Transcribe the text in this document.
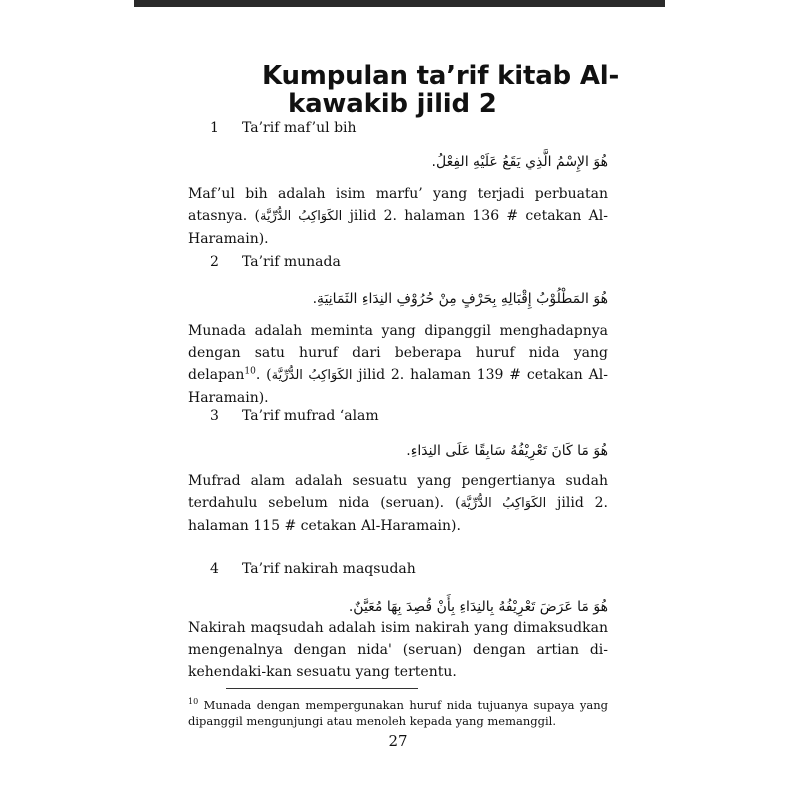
Kumpulan ta’rif kitab Al-
kawakib jilid 2
1	Ta’rif maf’ul bih
هُوَ الإِسْمُ الَّذِي يَقَعُ عَلَيْهِ الفِعْلُ.

Maf’ul bih adalah isim marfu’ yang terjadi perbuatan atasnya. (الكَوَاكِبُ الدُّرِّيَّة jilid 2. halaman 136 # cetakan Al-Haramain).

2	Ta’rif munada
هُوَ المَطْلُوْبُ إِقْبَالِهِ بِحَرْفٍ مِنْ حُرُوْفِ النِدَاءِ الثَمَانِيَةِ.

Munada adalah meminta yang dipanggil menghadapnya dengan satu huruf dari beberapa huruf nida yang delapan$^{10}$. (الكَوَاكِبُ الدُّرِّيَّة jilid 2. halaman 139 # cetakan Al-Haramain).

3	Ta’rif mufrad ‘alam
هُوَ مَا كَانَ تَعْرِيْفُهُ سَابِقًا عَلَى النِدَاءِ.

Mufrad alam adalah sesuatu yang pengertianya sudah terdahulu sebelum nida (seruan). (الكَوَاكِبُ الدُّرِّيَّة jilid 2. halaman 115 # cetakan Al-Haramain).

4	Ta’rif nakirah maqsudah
هُوَ مَا عَرَضَ تَعْرِيْفُهُ بِالنِدَاءِ بِأَنْ قُصِدَ بِهَا مُعَيَّنٌ.

Nakirah maqsudah adalah isim nakirah yang dimaksudkan mengenalnya dengan nida' (seruan) dengan artian di-kehendaki-kan sesuatu yang tertentu.

$^{10}$ Munada dengan mempergunakan huruf nida tujuanya supaya yang dipanggil mengunjungi atau menoleh kepada yang memanggil.
27
